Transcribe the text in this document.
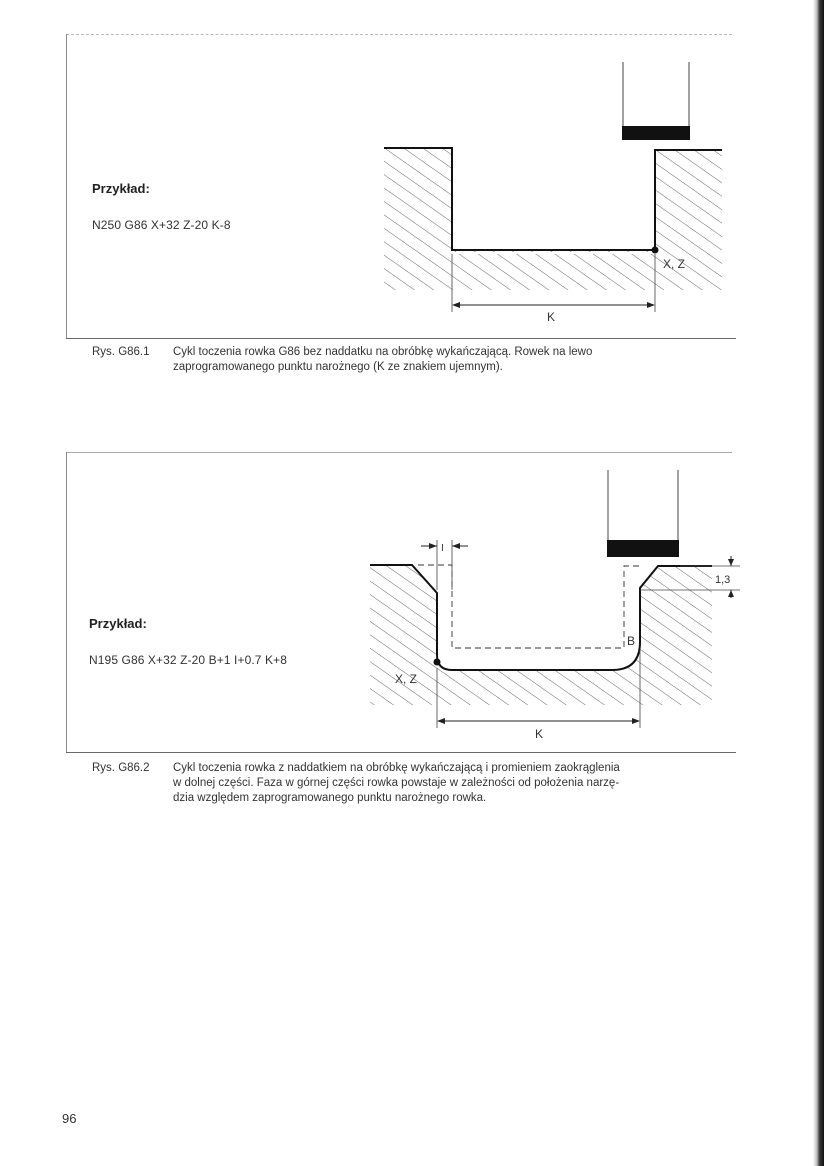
Przykład:
N250 G86 X+32 Z-20 K-8
X, Z
K
Rys. G86.1 Cykl toczenia rowka G86 bez naddatku na obróbkę wykańczającą. Rowek na lewo
zaprogramowanego punktu narożnego (K ze znakiem ujemnym).
Przykład:
N195 G86 X+32 Z-20 B+1 I+0.7 K+8
X, Z
B
I
1,3
K
Rys. G86.2 Cykl toczenia rowka z naddatkiem na obróbkę wykańczającą i promieniem zaokrąglenia
w dolnej części. Faza w górnej części rowka powstaje w zależności od położenia narzę-
dzia względem zaprogramowanego punktu narożnego rowka.
96
